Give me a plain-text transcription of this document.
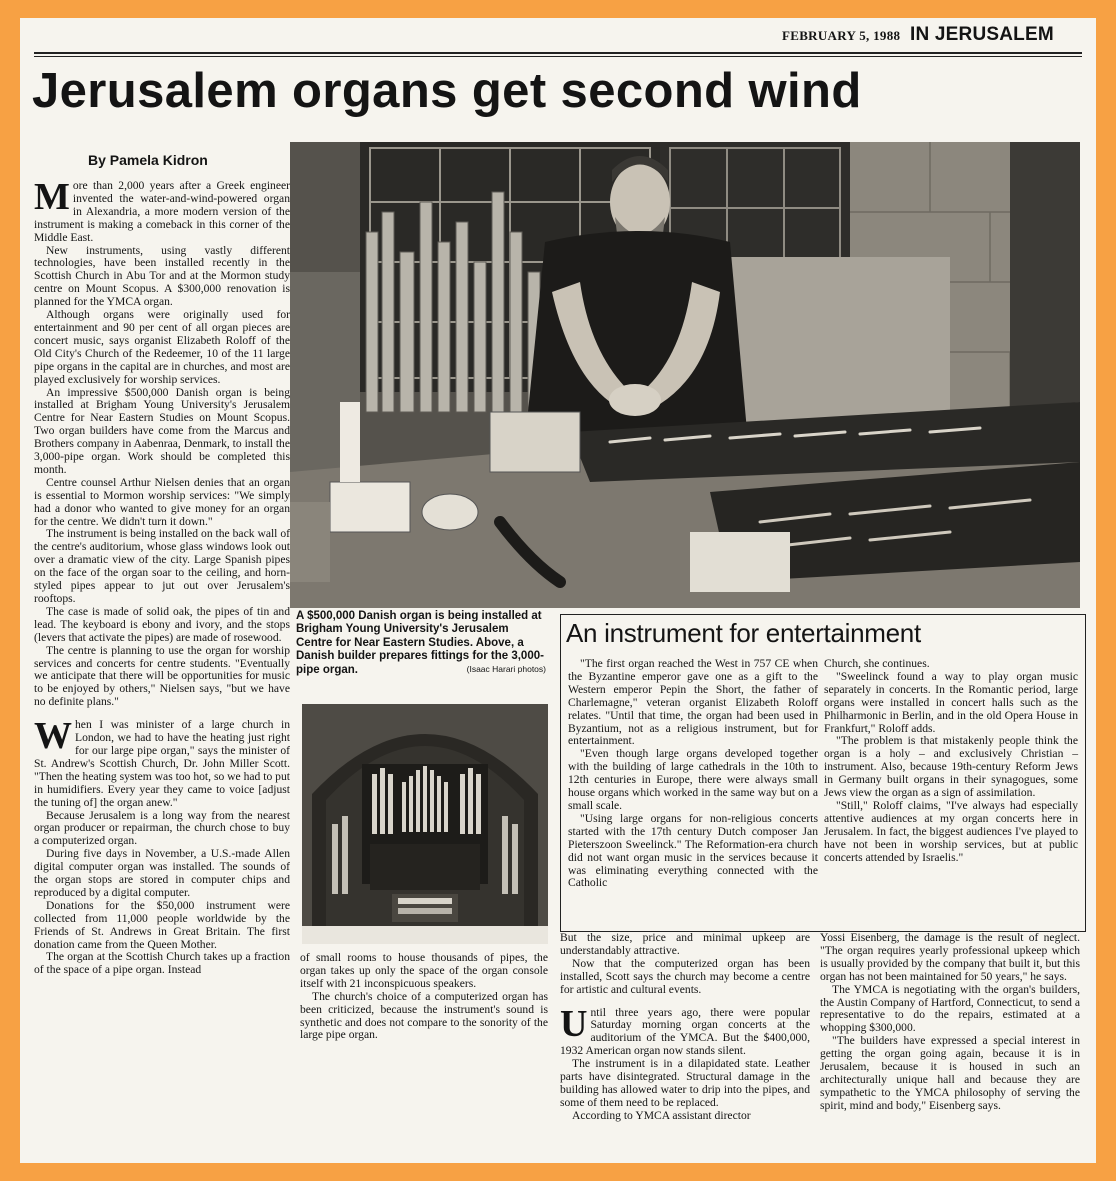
FEBRUARY 5, 1988 IN JERUSALEM
Jerusalem organs get second wind
By Pamela Kidron

More than 2,000 years after a Greek engineer invented the water-and-wind-powered organ in Alexandria, a more modern version of the instrument is making a comeback in this corner of the Middle East.

New instruments, using vastly different technologies, have been installed recently in the Scottish Church in Abu Tor and at the Mormon study centre on Mount Scopus. A $300,000 renovation is planned for the YMCA organ.

Although organs were originally used for entertainment and 90 per cent of all organ pieces are concert music, says organist Elizabeth Roloff of the Old City's Church of the Redeemer, 10 of the 11 large pipe organs in the capital are in churches, and most are played exclusively for worship services.

An impressive $500,000 Danish organ is being installed at Brigham Young University's Jerusalem Centre for Near Eastern Studies on Mount Scopus. Two organ builders have come from the Marcus and Brothers company in Aabenraa, Denmark, to install the 3,000-pipe organ. Work should be completed this month.

Centre counsel Arthur Nielsen denies that an organ is essential to Mormon worship services: "We simply had a donor who wanted to give money for an organ for the centre. We didn't turn it down."

The instrument is being installed on the back wall of the centre's auditorium, whose glass windows look out over a dramatic view of the city. Large Spanish pipes on the face of the organ soar to the ceiling, and horn-styled pipes appear to jut out over Jerusalem's rooftops.

The case is made of solid oak, the pipes of tin and lead. The keyboard is ebony and ivory, and the stops (levers that activate the pipes) are made of rosewood.

The centre is planning to use the organ for worship services and concerts for centre students. "Eventually we anticipate that there will be opportunities for music to be enjoyed by others," Nielsen says, "but we have no definite plans."

When I was minister of a large church in London, we had to have the heating just right for our large pipe organ," says the minister of St. Andrew's Scottish Church, Dr. John Miller Scott. "Then the heating system was too hot, so we had to put in humidifiers. Every year they came to voice [adjust the tuning of] the organ anew."

Because Jerusalem is a long way from the nearest organ producer or repairman, the church chose to buy a computerized organ.

During five days in November, a U.S.-made Allen digital computer organ was installed. The sounds of the organ stops are stored in computer chips and reproduced by a digital computer.

Donations for the $50,000 instrument were collected from 11,000 people worldwide by the Friends of St. Andrews in Great Britain. The first donation came from the Queen Mother.

The organ at the Scottish Church takes up a fraction of the space of a pipe organ. Instead

A $500,000 Danish organ is being installed at Brigham Young University's Jerusalem Centre for Near Eastern Studies. Above, a Danish builder prepares fittings for the 3,000-pipe organ.	(Isaac Harari photos)

of small rooms to house thousands of pipes, the organ takes up only the space of the organ console itself with 21 inconspicuous speakers.

The church's choice of a computerized organ has been criticized, because the instrument's sound is synthetic and does not compare to the sonority of the large pipe organ.

An instrument for entertainment

"The first organ reached the West in 757 CE when the Byzantine emperor gave one as a gift to the Western emperor Pepin the Short, the father of Charlemagne," veteran organist Elizabeth Roloff relates. "Until that time, the organ had been used in Byzantium, not as a religious instrument, but for entertainment.

"Even though large organs developed together with the building of large cathedrals in the 10th to 12th centuries in Europe, there were always small house organs which worked in the same way but on a small scale.

"Using large organs for non-religious concerts started with the 17th century Dutch composer Jan Pieterszoon Sweelinck." The Reformation-era church did not want organ music in the services because it was eliminating everything connected with the Catholic

Church, she continues.

"Sweelinck found a way to play organ music separately in concerts. In the Romantic period, large organs were installed in concert halls such as the Philharmonic in Berlin, and in the old Opera House in Frankfurt," Roloff adds.

"The problem is that mistakenly people think the organ is a holy – and exclusively Christian – instrument. Also, because 19th-century Reform Jews in Germany built organs in their synagogues, some Jews view the organ as a sign of assimilation.

"Still," Roloff claims, "I've always had especially attentive audiences at my organ concerts here in Jerusalem. In fact, the biggest audiences I've played to have not been in worship services, but at public concerts attended by Israelis."

But the size, price and minimal upkeep are understandably attractive.

Now that the computerized organ has been installed, Scott says the church may become a centre for artistic and cultural events.

Until three years ago, there were popular Saturday morning organ concerts at the auditorium of the YMCA. But the $400,000, 1932 American organ now stands silent.

The instrument is in a dilapidated state. Leather parts have disintegrated. Structural damage in the building has allowed water to drip into the pipes, and some of them need to be replaced.

According to YMCA assistant director

Yossi Eisenberg, the damage is the result of neglect. "The organ requires yearly professional upkeep which is usually provided by the company that built it, but this organ has not been maintained for 50 years," he says.

The YMCA is negotiating with the organ's builders, the Austin Company of Hartford, Connecticut, to send a representative to do the repairs, estimated at a whopping $300,000.

"The builders have expressed a special interest in getting the organ going again, because it is in Jerusalem, because it is housed in such an architecturally unique hall and because they are sympathetic to the YMCA philosophy of serving the spirit, mind and body," Eisenberg says.
